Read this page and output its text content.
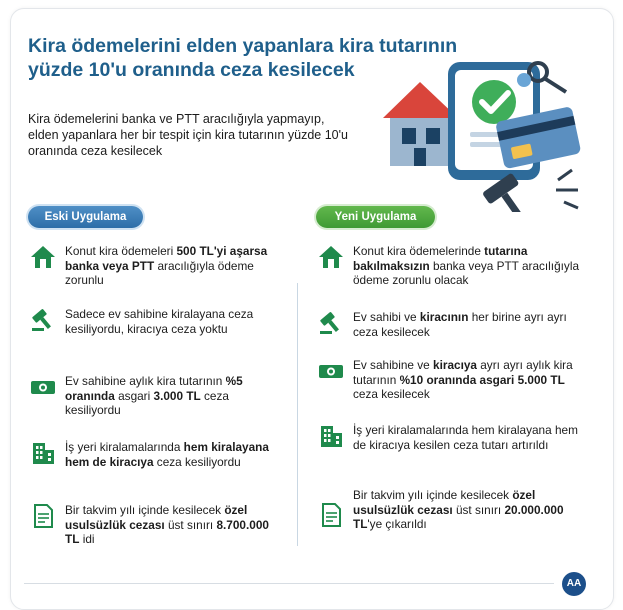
Kira ödemelerini elden yapanlara kira tutarının yüzde 10'u oranında ceza kesilecek

Kira ödemelerini banka ve PTT aracılığıyla yapmayıp, elden yapanlara her bir tespit için kira tutarının yüzde 10'u oranında ceza kesilecek

Eski Uygulama	Yeni Uygulama
Konut kira ödemeleri 500 TL'yi aşarsa banka veya PTT aracılığıyla ödeme zorunlu
Sadece ev sahibine kiralayana ceza kesiliyordu, kiracıya ceza yoktu
Ev sahibine aylık kira tutarının %5 oranında asgari 3.000 TL ceza kesiliyordu
İş yeri kiralamalarında hem kiralayana hem de kiracıya ceza kesiliyordu
Bir takvim yılı içinde kesilecek özel usulsüzlük cezası üst sınırı 8.700.000 TL idi
Konut kira ödemelerinde tutarına bakılmaksızın banka veya PTT aracılığıyla ödeme zorunlu olacak
Ev sahibi ve kiracının her birine ayrı ayrı ceza kesilecek
Ev sahibine ve kiracıya ayrı ayrı aylık kira tutarının %10 oranında asgari 5.000 TL ceza kesilecek
İş yeri kiralamalarında hem kiralayana hem de kiracıya kesilen ceza tutarı artırıldı
Bir takvim yılı içinde kesilecek özel usulsüzlük cezası üst sınırı 20.000.000 TL'ye çıkarıldı
AA
